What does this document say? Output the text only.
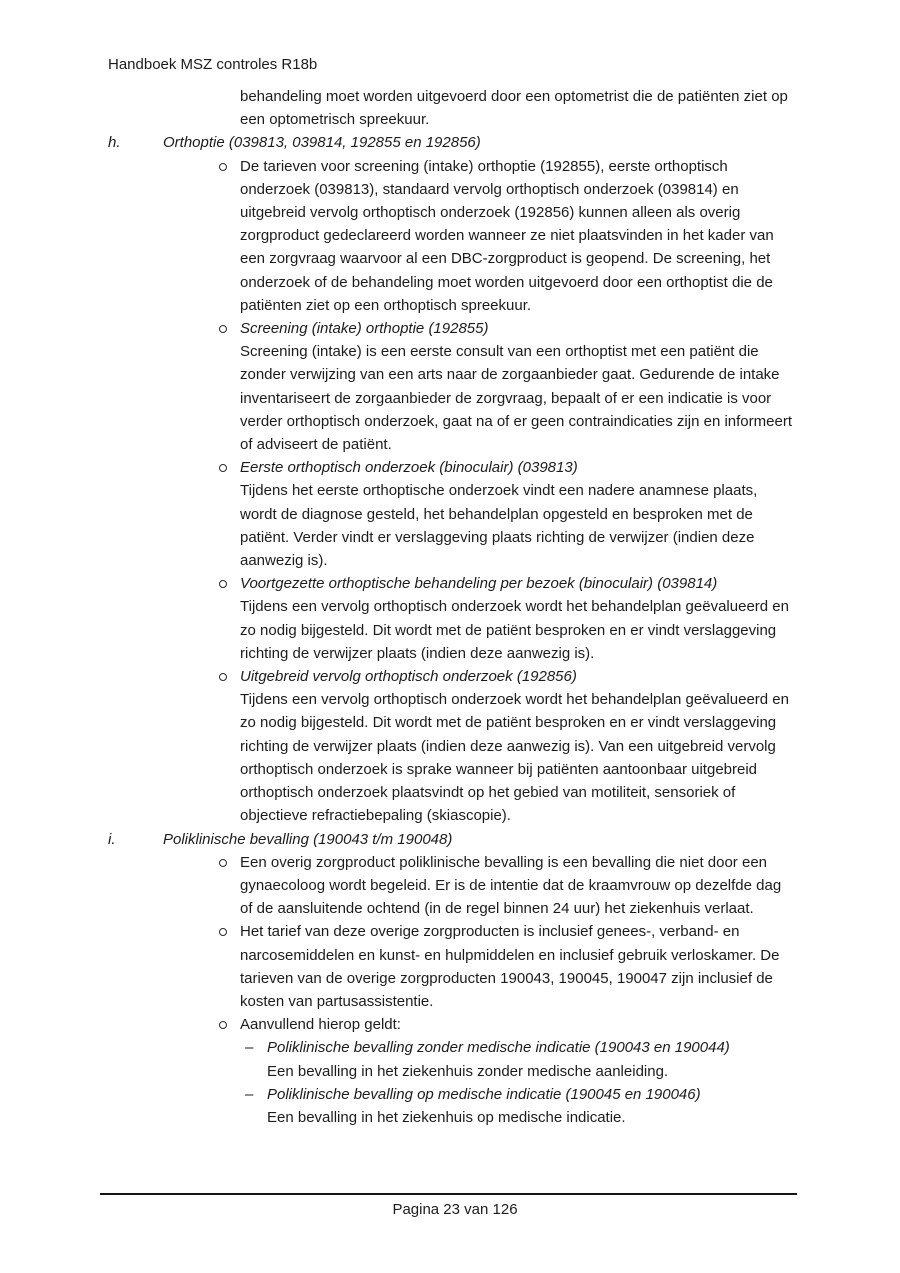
Handboek MSZ controles R18b
behandeling moet worden uitgevoerd door een optometrist die de patiënten ziet op een optometrisch spreekuur.
h.	Orthoptie (039813, 039814, 192855 en 192856)
De tarieven voor screening (intake) orthoptie (192855), eerste orthoptisch onderzoek (039813), standaard vervolg orthoptisch onderzoek (039814) en uitgebreid vervolg orthoptisch onderzoek (192856) kunnen alleen als overig zorgproduct gedeclareerd worden wanneer ze niet plaatsvinden in het kader van een zorgvraag waarvoor al een DBC-zorgproduct is geopend. De screening, het onderzoek of de behandeling moet worden uitgevoerd door een orthoptist die de patiënten ziet op een orthoptisch spreekuur.
Screening (intake) orthoptie (192855)
Screening (intake) is een eerste consult van een orthoptist met een patiënt die zonder verwijzing van een arts naar de zorgaanbieder gaat. Gedurende de intake inventariseert de zorgaanbieder de zorgvraag, bepaalt of er een indicatie is voor verder orthoptisch onderzoek, gaat na of er geen contraindicaties zijn en informeert of adviseert de patiënt.
Eerste orthoptisch onderzoek (binoculair) (039813)
Tijdens het eerste orthoptische onderzoek vindt een nadere anamnese plaats, wordt de diagnose gesteld, het behandelplan opgesteld en besproken met de patiënt. Verder vindt er verslaggeving plaats richting de verwijzer (indien deze aanwezig is).
Voortgezette orthoptische behandeling per bezoek (binoculair) (039814)
Tijdens een vervolg orthoptisch onderzoek wordt het behandelplan geëvalueerd en zo nodig bijgesteld. Dit wordt met de patiënt besproken en er vindt verslaggeving richting de verwijzer plaats (indien deze aanwezig is).
Uitgebreid vervolg orthoptisch onderzoek (192856)
Tijdens een vervolg orthoptisch onderzoek wordt het behandelplan geëvalueerd en zo nodig bijgesteld. Dit wordt met de patiënt besproken en er vindt verslaggeving richting de verwijzer plaats (indien deze aanwezig is). Van een uitgebreid vervolg orthoptisch onderzoek is sprake wanneer bij patiënten aantoonbaar uitgebreid orthoptisch onderzoek plaatsvindt op het gebied van motiliteit, sensoriek of objectieve refractiebepaling (skiascopie).
i.	Poliklinische bevalling (190043 t/m 190048)
Een overig zorgproduct poliklinische bevalling is een bevalling die niet door een gynaecoloog wordt begeleid. Er is de intentie dat de kraamvrouw op dezelfde dag of de aansluitende ochtend (in de regel binnen 24 uur) het ziekenhuis verlaat.
Het tarief van deze overige zorgproducten is inclusief genees-, verband- en narcosemiddelen en kunst- en hulpmiddelen en inclusief gebruik verloskamer. De tarieven van de overige zorgproducten 190043, 190045, 190047 zijn inclusief de kosten van partusassistentie.
Aanvullend hierop geldt:
– Poliklinische bevalling zonder medische indicatie (190043 en 190044)
Een bevalling in het ziekenhuis zonder medische aanleiding.
– Poliklinische bevalling op medische indicatie (190045 en 190046)
Een bevalling in het ziekenhuis op medische indicatie.
Pagina 23 van 126
